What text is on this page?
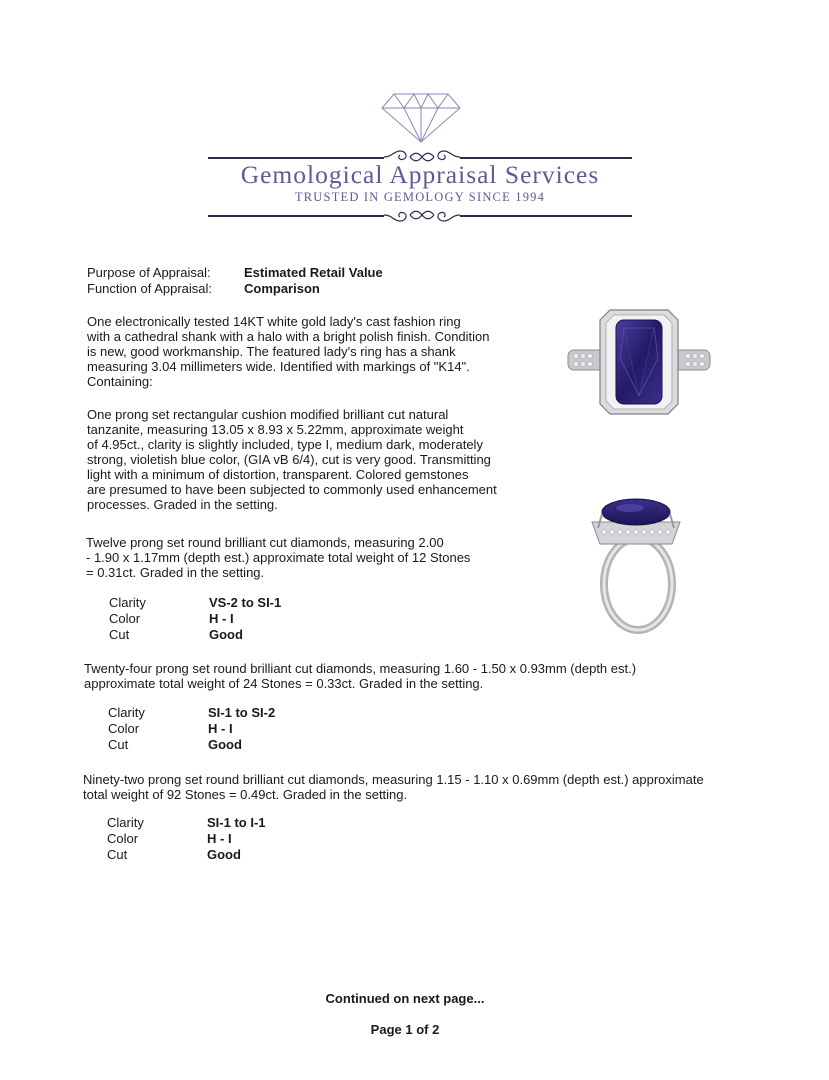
Gemological Appraisal Services
TRUSTED IN GEMOLOGY SINCE 1994
Purpose of Appraisal:	Estimated Retail Value
Function of Appraisal:	Comparison
One electronically tested 14KT white gold lady's cast fashion ring
with a cathedral shank with a halo with a bright polish finish. Condition
is new, good workmanship. The featured lady's ring has a shank
measuring 3.04 millimeters wide. Identified with markings of "K14".
Containing:
One prong set rectangular cushion modified brilliant cut natural
tanzanite, measuring 13.05 x 8.93 x 5.22mm, approximate weight
of 4.95ct., clarity is slightly included, type I, medium dark, moderately
strong, violetish blue color, (GIA vB 6/4), cut is very good. Transmitting
light with a minimum of distortion, transparent. Colored gemstones
are presumed to have been subjected to commonly used enhancement
processes. Graded in the setting.
Twelve prong set round brilliant cut diamonds, measuring 2.00
- 1.90 x 1.17mm (depth est.) approximate total weight of 12 Stones
= 0.31ct. Graded in the setting.
Clarity	VS-2 to SI-1
Color	H - I
Cut	Good
Twenty-four prong set round brilliant cut diamonds, measuring 1.60 - 1.50 x 0.93mm (depth est.)
approximate total weight of 24 Stones = 0.33ct. Graded in the setting.
Clarity	SI-1 to SI-2
Color	H - I
Cut	Good
Ninety-two prong set round brilliant cut diamonds, measuring 1.15 - 1.10 x 0.69mm (depth est.) approximate
total weight of 92 Stones = 0.49ct. Graded in the setting.
Clarity	SI-1 to I-1
Color	H - I
Cut	Good
Continued on next page...
Page 1 of 2
